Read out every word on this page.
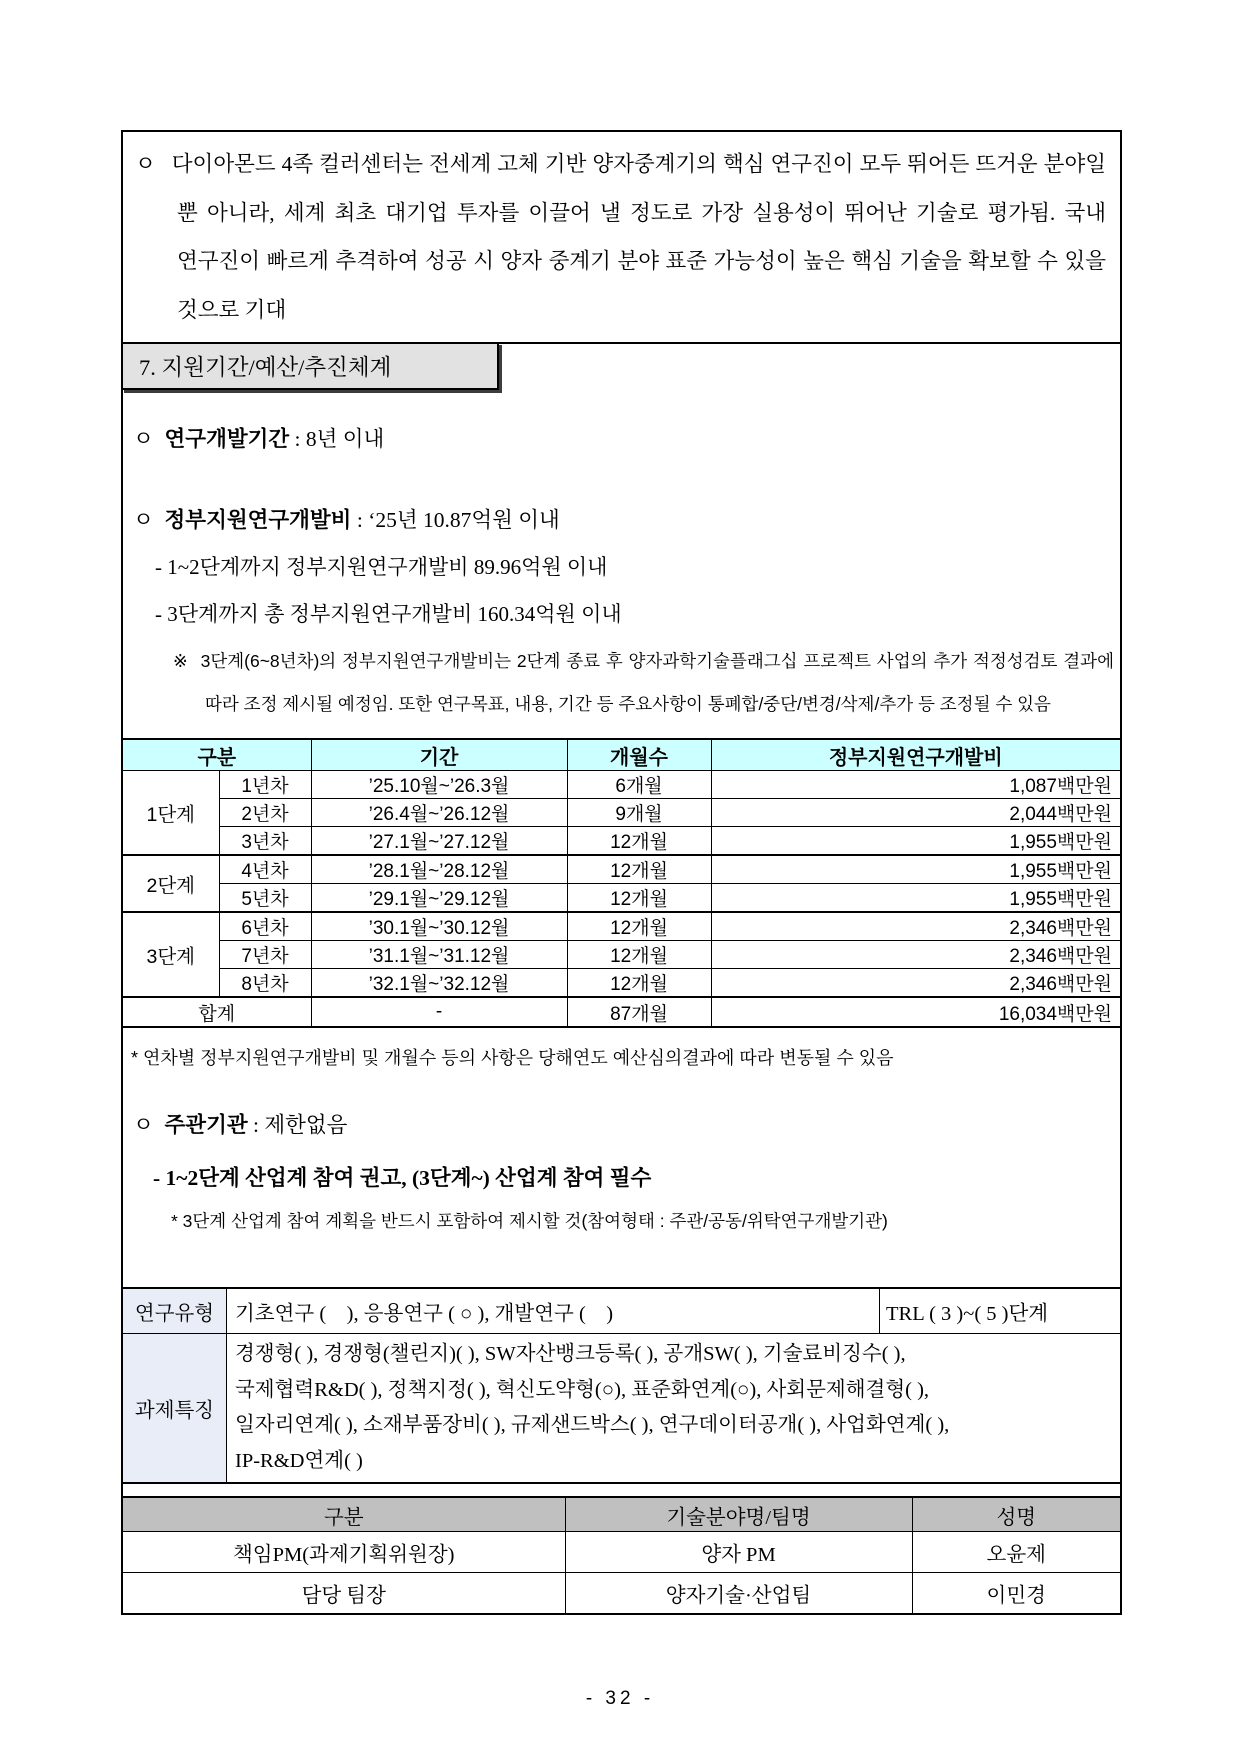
ㅇ 다이아몬드 4족 컬러센터는 전세계 고체 기반 양자중계기의 핵심 연구진이 모두 뛰어든 뜨거운 분야일 뿐 아니라, 세계 최초 대기업 투자를 이끌어 낼 정도로 가장 실용성이 뛰어난 기술로 평가됨. 국내 연구진이 빠르게 추격하여 성공 시 양자 중계기 분야 표준 가능성이 높은 핵심 기술을 확보할 수 있을 것으로 기대

7. 지원기간/예산/추진체계

ㅇ 연구개발기간 : 8년 이내

ㅇ 정부지원연구개발비 : ‘25년 10.87억원 이내

- 1~2단계까지 정부지원연구개발비 89.96억원 이내

- 3단계까지 총 정부지원연구개발비 160.34억원 이내

※ 3단계(6~8년차)의 정부지원연구개발비는 2단계 종료 후 양자과학기술플래그십 프로젝트 사업의 추가 적정성검토 결과에 따라 조정 제시될 예정임. 또한 연구목표, 내용, 기간 등 주요사항이 통폐합/중단/변경/삭제/추가 등 조정될 수 있음

구분		기간	개월수	정부지원연구개발비
1단계	1년차	’25.10월~’26.3월	6개월	1,087백만원
	2년차	’26.4월~’26.12월	9개월	2,044백만원
	3년차	’27.1월~’27.12월	12개월	1,955백만원
2단계	4년차	’28.1월~’28.12월	12개월	1,955백만원
	5년차	’29.1월~’29.12월	12개월	1,955백만원
3단계	6년차	’30.1월~’30.12월	12개월	2,346백만원
	7년차	’31.1월~’31.12월	12개월	2,346백만원
	8년차	’32.1월~’32.12월	12개월	2,346백만원
합계		-	87개월	16,034백만원

* 연차별 정부지원연구개발비 및 개월수 등의 사항은 당해연도 예산심의결과에 따라 변동될 수 있음

ㅇ 주관기관 : 제한없음

- 1~2단계 산업계 참여 권고, (3단계~) 산업계 참여 필수

* 3단계 산업계 참여 계획을 반드시 포함하여 제시할 것(참여형태 : 주관/공동/위탁연구개발기관)

연구유형	기초연구 (    ), 응용연구 ( ○ ), 개발연구 (    )	TRL ( 3 )~( 5 )단계
과제특징	경쟁형( ), 경쟁형(챌린지)( ), SW자산뱅크등록( ), 공개SW( ), 기술료비징수( ),
국제협력R&D( ), 정책지정( ), 혁신도약형(○), 표준화연계(○), 사회문제해결형( ),
일자리연계( ), 소재부품장비( ), 규제샌드박스( ), 연구데이터공개( ), 사업화연계( ),
IP-R&D연계( )	
구분	기술분야명/팀명	성명
책임PM(과제기획위원장)	양자 PM	오윤제
담당 팀장	양자기술·산업팀	이민경
- 32 -
